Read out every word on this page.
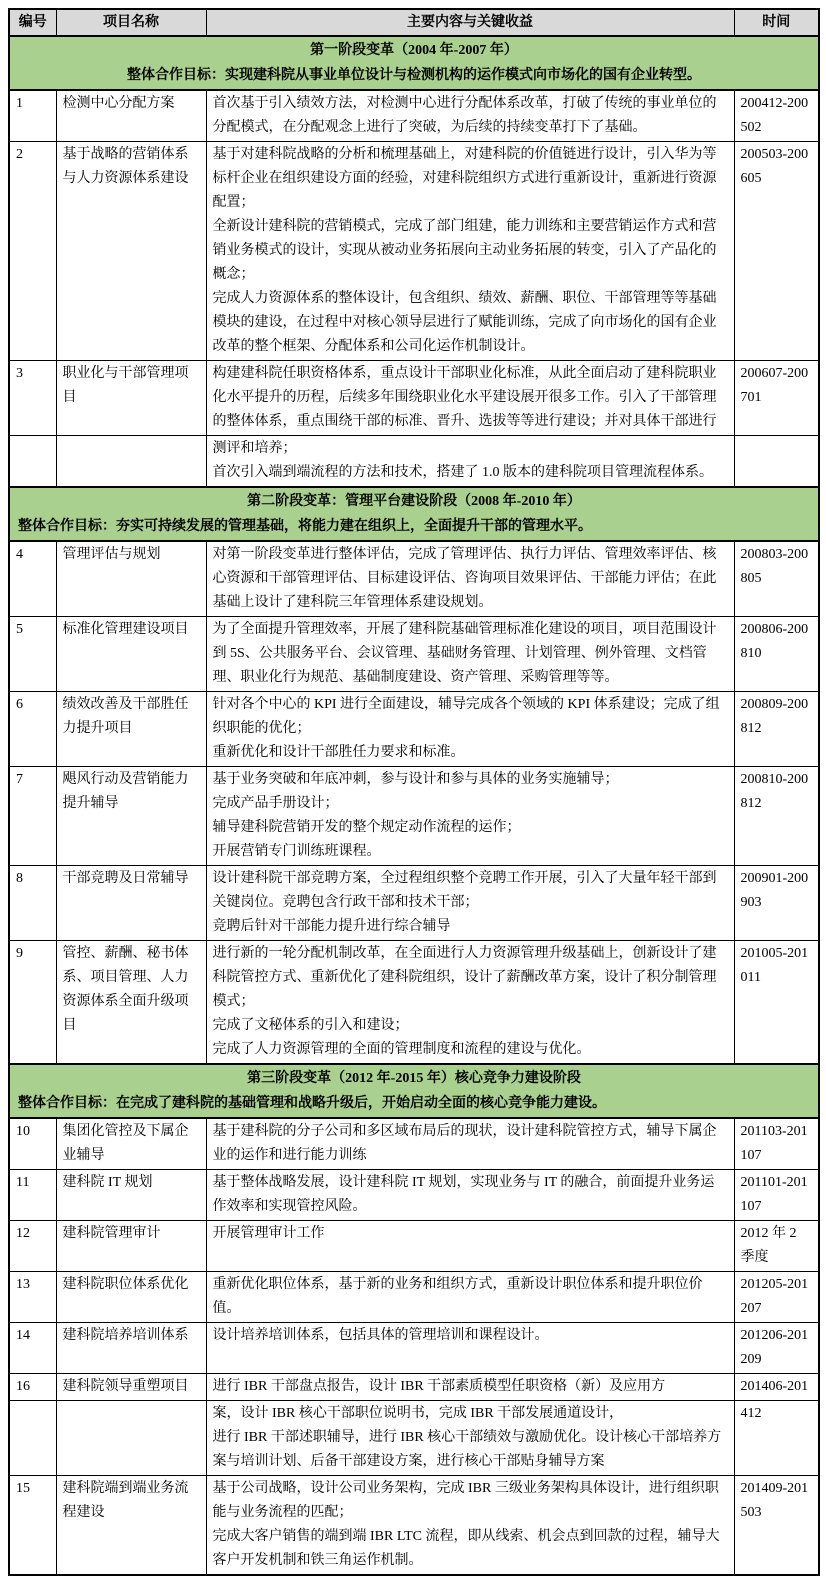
编号	项目名称	主要内容与关键收益	时间

第一阶段变革（2004 年-2007 年）
整体合作目标：实现建科院从事业单位设计与检测机构的运作模式向市场化的国有企业转型。			

1	检测中心分配方案	首次基于引入绩效方法，对检测中心进行分配体系改革，打破了传统的事业单位的分配模式，在分配观念上进行了突破，为后续的持续变革打下了基础。	200412-200502
2	基于战略的营销体系与人力资源体系建设	基于对建科院战略的分析和梳理基础上，对建科院的价值链进行设计，引入华为等标杆企业在组织建设方面的经验，对建科院组织方式进行重新设计，重新进行资源配置；
全新设计建科院的营销模式，完成了部门组建，能力训练和主要营销运作方式和营销业务模式的设计，实现从被动业务拓展向主动业务拓展的转变，引入了产品化的概念；
完成人力资源体系的整体设计，包含组织、绩效、薪酬、职位、干部管理等等基础模块的建设，在过程中对核心领导层进行了赋能训练，完成了向市场化的国有企业改革的整个框架、分配体系和公司化运作机制设计。	200503-200605
3	职业化与干部管理项目	构建建科院任职资格体系，重点设计干部职业化标准，从此全面启动了建科院职业化水平提升的历程，后续多年围绕职业化水平建设展开很多工作。引入了干部管理的整体体系，重点围绕干部的标准、晋升、选拔等等进行建设；并对具体干部进行	200607-200701

		测评和培养；
首次引入端到端流程的方法和技术，搭建了 1.0 版本的建科院项目管理流程体系。	

第二阶段变革：管理平台建设阶段（2008 年-2010 年）
整体合作目标：夯实可持续发展的管理基础，将能力建在组织上，全面提升干部的管理水平。			

4	管理评估与规划	对第一阶段变革进行整体评估，完成了管理评估、执行力评估、管理效率评估、核心资源和干部管理评估、目标建设评估、咨询项目效果评估、干部能力评估；在此基础上设计了建科院三年管理体系建设规划。	200803-200805
5	标准化管理建设项目	为了全面提升管理效率，开展了建科院基础管理标准化建设的项目，项目范围设计到 5S、公共服务平台、会议管理、基础财务管理、计划管理、例外管理、文档管理、职业化行为规范、基础制度建设、资产管理、采购管理等等。	200806-200810
6	绩效改善及干部胜任力提升项目	针对各个中心的 KPI 进行全面建设，辅导完成各个领域的 KPI 体系建设；完成了组织职能的优化；
重新优化和设计干部胜任力要求和标准。	200809-200812
7	飓风行动及营销能力提升辅导	基于业务突破和年底冲刺，参与设计和参与具体的业务实施辅导；
完成产品手册设计；
辅导建科院营销开发的整个规定动作流程的运作；
开展营销专门训练班课程。	200810-200812
8	干部竞聘及日常辅导	设计建科院干部竞聘方案，全过程组织整个竞聘工作开展，引入了大量年轻干部到关键岗位。竞聘包含行政干部和技术干部；
竞聘后针对干部能力提升进行综合辅导	200901-200903
9	管控、薪酬、秘书体系、项目管理、人力资源体系全面升级项目	进行新的一轮分配机制改革，在全面进行人力资源管理升级基础上，创新设计了建科院管控方式、重新优化了建科院组织，设计了薪酬改革方案，设计了积分制管理模式；
完成了文秘体系的引入和建设；
完成了人力资源管理的全面的管理制度和流程的建设与优化。	201005-201011

第三阶段变革（2012 年-2015 年）核心竞争力建设阶段
整体合作目标：在完成了建科院的基础管理和战略升级后，开始启动全面的核心竞争能力建设。			

10	集团化管控及下属企业辅导	基于建科院的分子公司和多区域布局后的现状，设计建科院管控方式，辅导下属企业的运作和进行能力训练	201103-201107
11	建科院 IT 规划	基于整体战略发展，设计建科院 IT 规划，实现业务与 IT 的融合，前面提升业务运作效率和实现管控风险。	201101-201107
12	建科院管理审计	开展管理审计工作	2012 年 2 季度
13	建科院职位体系优化	重新优化职位体系，基于新的业务和组织方式，重新设计职位体系和提升职位价值。	201205-201207
14	建科院培养培训体系	设计培养培训体系，包括具体的管理培训和课程设计。	201206-201209
16	建科院领导重塑项目	进行 IBR 干部盘点报告，设计 IBR 干部素质模型任职资格（新）及应用方	201406-201

		案，设计 IBR 核心干部职位说明书，完成 IBR 干部发展通道设计，
进行 IBR 干部述职辅导，进行 IBR 核心干部绩效与激励优化。设计核心干部培养方案与培训计划、后备干部建设方案，进行核心干部贴身辅导方案	412
15	建科院端到端业务流程建设	基于公司战略，设计公司业务架构，完成 IBR 三级业务架构具体设计，进行组织职能与业务流程的匹配；
完成大客户销售的端到端 IBR LTC 流程，即从线索、机会点到回款的过程，辅导大客户开发机制和铁三角运作机制。	201409-201503
